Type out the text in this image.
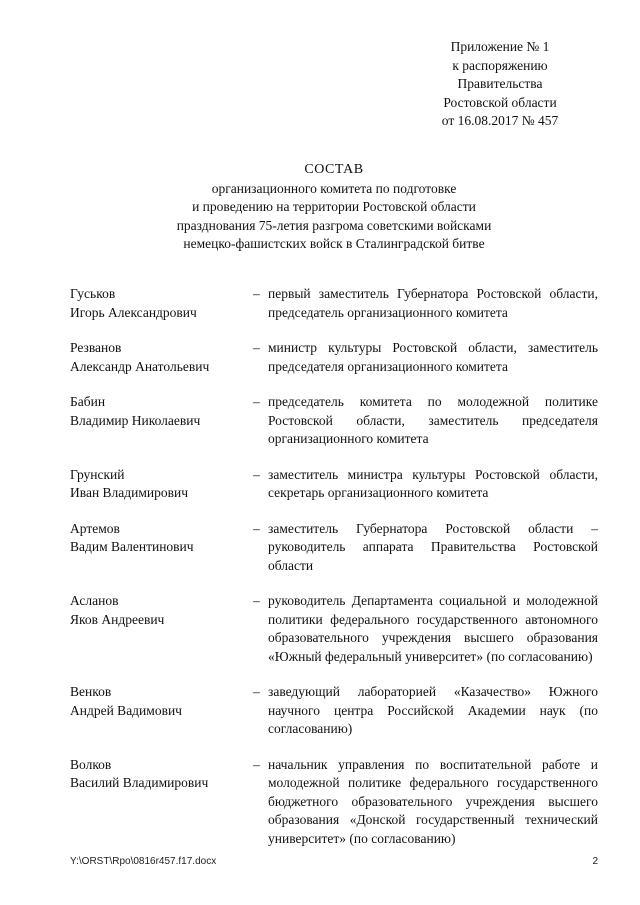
Приложение № 1
к распоряжению
Правительства
Ростовской области
от 16.08.2017 № 457
СОСТАВ
организационного комитета по подготовке
и проведению на территории Ростовской области
празднования 75-летия разгрома советскими войсками
немецко-фашистских войск в Сталинградской битве
Гуськов
Игорь Александрович
– первый заместитель Губернатора Ростовской области, председатель организационного комитета
Резванов
Александр Анатольевич
– министр культуры Ростовской области, заместитель председателя организационного комитета
Бабин
Владимир Николаевич
– председатель комитета по молодежной политике Ростовской области, заместитель председателя организационного комитета
Грунский
Иван Владимирович
– заместитель министра культуры Ростовской области, секретарь организационного комитета
Артемов
Вадим Валентинович
– заместитель Губернатора Ростовской области – руководитель аппарата Правительства Ростовской области
Асланов
Яков Андреевич
– руководитель Департамента социальной и молодежной политики федерального государственного автономного образовательного учреждения высшего образования «Южный федеральный университет» (по согласованию)
Венков
Андрей Вадимович
– заведующий лабораторией «Казачество» Южного научного центра Российской Академии наук (по согласованию)
Волков
Василий Владимирович
– начальник управления по воспитательной работе и молодежной политике федерального государственного бюджетного образовательного учреждения высшего образования «Донской государственный технический университет» (по согласованию)
Y:\ORST\Rpo\0816r457.f17.docx	2
